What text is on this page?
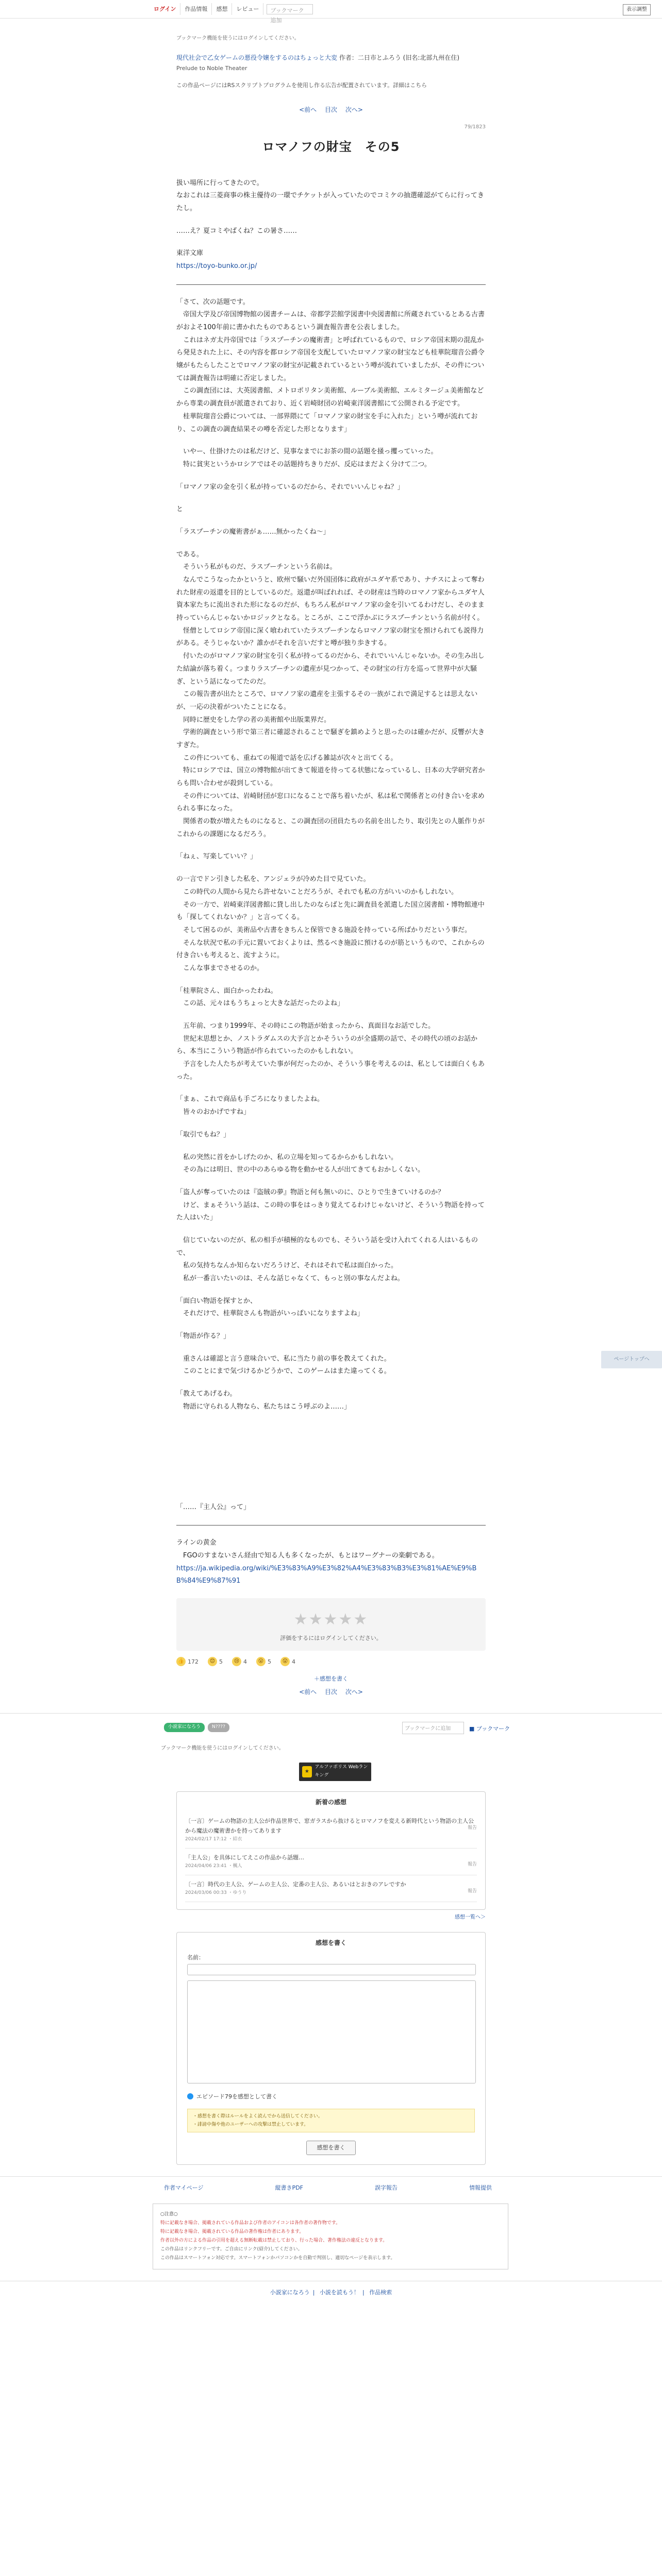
ログイン	作品情報	感想	レビュー	ブックマーク追加
表示調整
ブックマーク機能を使うにはログインしてください。
現代社会で乙女ゲームの悪役令嬢をするのはちょっと大変 作者：二日市とふろう (旧名:北部九州在住)
Prelude to Noble Theater
この作品ページにはRSスクリプトプログラムを使用し作る広告が配置されています。詳細はこちら
<前へ 目次 次へ>
79/1823
ロマノフの財宝　その5

扱い場所に行ってきたので。

なおこれは三菱商事の株主優待の一環でチケットが入っていたのでコミケの抽選確認がてらに行ってきたし。

……え？夏コミやばくね？この暑さ……

東洋文庫

https://toyo-bunko.or.jp/

「さて、次の話題です。

　帝国大学及び帝国博物館の図書チームは、帝都学芸館学図書中央図書館に所蔵されているとある古書がおよそ100年前に書かれたものであるという調査報告書を公表しました。

　これはネガ太丹帝国では「ラスプーチンの魔術書」と呼ばれているもので、ロシア帝国末期の混乱から発見された上に、その内容を都ロシア帝国を支配していたロマノフ家の財宝なども桂華院瑠音公爵令嬢がもたらしたことでロマノフ家の財宝が記載されているという噂が流れていましたが、その件については調査報告は明確に否定しました。

　この調査団には、大英図書館、メトロポリタン美術館、ルーブル美術館、エルミタージュ美術館などから専業の調査員が派遣されており、近く岩崎財団の岩崎東洋図書館にて公開される予定です。

　桂華院瑠音公爵については、一部界隈にて「ロマノフ家の財宝を手に入れた」という噂が流れており、この調査の調査結果その噂を否定した形となります」

　いやー、仕掛けたのは私だけど、見事なまでにお茶の間の話題を掻っ攫っていった。

　特に貧実というかロシアではその話題持ちきりだが、反応はまだよく分けて二つ。

「ロマノフ家の金を引く私が持っているのだから、それでいいんじゃね？」

と

「ラスプーチンの魔術書がぁ……無かったくね～」

である。

　そういう私がものだ、ラスプーチンという名前は。

　なんでこうなったかというと、欧州で騒いだ外国団体に政府がユダヤ系であり、ナチスによって奪われた財産の返還を目的としているのだ。返還が叫ばれれば、その財産は当時のロマノフ家からユダヤ人資本家たちに流出された形になるのだが、もちろん私がロマノフ家の金を引いてるわけだし、そのまま持っていらんじゃないかロジックとなる。ところが、ここで浮かぶにラスプーチンという名前が付く。

　怪僧としてロシア帝国に深く喰われていたラスプーチンならロマノフ家の財宝を預けられても説得力がある。そうじゃないか？誰かがそれを言いだすと噂が独り歩きする。

　付いたのがロマノフ家の財宝を引く私が持ってるのだから、それでいいんじゃないか。その生み出した結論が落ち着く。つまりラスプーチンの遺産が見つかって、その財宝の行方を巡って世界中が大騒ぎ、という話になってたのだ。

　この報告書が出たところで、ロマノフ家の遺産を主張するその一族がこれで満足するとは思えないが、一応の決着がついたことになる。

　同時に歴史をした学の者の美術館や出版業界だ。

　学術的調査という形で第三者に確認されることで騒ぎを鎮めようと思ったのは確かだが、反響が大きすぎた。

　この件についても、重ねての報道で話を広げる雑誌が次々と出てくる。

　特にロシアでは、国立の博物館が出てきて報道を待ってる状態になっているし、日本の大学研究者からも問い合わせが殺到している。

　その件については、岩崎財団が窓口になることで落ち着いたが、私は私で関係者との付き合いを求められる事になった。

　関係者の数が増えたものになると、この調査団の団員たちの名前を出したり、取引先との人脈作りがこれからの課題になるだろう。

「ねぇ、写楽していい？」

の一言でドン引きした私を、アンジェラが冷めた目で見ていた。

　この時代の人間から見たら許せないことだろうが、それでも私の方がいいのかもしれない。

　その一方で、岩崎東洋図書館に貸し出したのならばと先に調査員を派遣した国立図書館・博物館連中も「探してくれないか？」と言ってくる。

　そして困るのが、美術品や古書をきちんと保管できる施設を持っている所ばかりだという事だ。

　そんな状況で私の手元に置いておくよりは、然るべき施設に預けるのが筋というもので、これからの付き合いも考えると、流すように。

　こんな事までさせるのか。

「桂華院さん、面白かったわね。

　この話、元々はもうちょっと大きな話だったのよね」

　五年前、つまり1999年、その時にこの物語が始まったから、真面目なお話でした。

　世紀末思想とか、ノストラダムスの大予言とかそういうのが全盛期の話で、その時代の頃のお話から、本当にこういう物語が作られていったのかもしれない。

　予言をした人たちが考えていた事が何だったのか、そういう事を考えるのは、私としては面白くもあった。

「まぁ、これで商品も手ごろになりましたよね。

　皆々のおかげですね」

「取引でもね？」

　私の突然に首をかしげたのか、私の立場を知ってるからかもしれない。

　その為には明日、世の中のあらゆる物を動かせる人が出てきてもおかしくない。

「盗人が奪っていたのは『盗賊の夢』物語と何も無いのに、ひとりで生きていけるのか？

　けど、まぁそういう話は、この時の事をはっきり覚えてるわけじゃないけど、そういう物語を持ってた人はいた」

　信じていないのだが、私の相手が積極的なものでも、そういう話を受け入れてくれる人はいるもので、

　私の気持ちなんか知らないだろうけど、それはそれで私は面白かった。

　私が一番言いたいのは、そんな話じゃなくて、もっと別の事なんだよね。

「面白い物語を探すとか、

　それだけで、桂華院さんも物語がいっぱいになりますよね」

「物語が作る？」

　重さんは確認と言う意味合いで、私に当たり前の事を教えてくれた。

　このことにまで気づけるかどうかで、このゲームはまた違ってくる。

「教えてあげるわ。

　物語に守られる人物なら、私たちはこう呼ぶのよ……」

「……『主人公』って」

ラインの黄金

　FGOのすまないさん経由で知る人も多くなったが、もとはワーグナーの楽劇である。

https://ja.wikipedia.org/wiki/%E3%83%A9%E3%82%A4%E3%83%B3%E3%81%AE%E9%BB%84%E9%87%91
★★★★★
評価をするにはログインしてください。
👍 172	😊 5	😢 4	😮 5	😲 4
＋感想を書く
<前へ 目次 次へ>
小説家になろう	N????	ブックマークに追加	■ ブックマーク
ブックマーク機能を使うにはログインしてください。
★
アルファポリス Webランキング
新着の感想
〔一言〕ゲームの物語の主人公が作品世界で、窓ガラスから抜けるとロマノフを変える新時代という物語の主人公から魔法の魔術書かを持ってあります
2024/02/17 17:12 ・結衣
報告
「主人公」を具体にしてえこの作品から話題…
2024/04/06 23:41 ・楓人	報告
〔一言〕時代の主人公、ゲームの主人公、定番の主人公、あるいはとおきのアレですか
2024/03/06 00:33 ・ゆうり	報告
感想一覧へ＞
感想を書く
名前：
エピソード79を感想として書く
・感想を書く際はルールをよく読んでから送信してください。
・誹謗中傷や他のユーザーへの攻撃は禁止しています。
感想を書く
作者マイページ	縦書きPDF	誤字報告	情報提供
○注意○
特に記載なき場合、掲載されている作品および作者のアイコンは各作者の著作物です。
特に記載なき場合、掲載されている作品の著作権は作者にあります。
作者以外の方による作品の引用を超える無断転載は禁止しており、行った場合、著作権法の違反となります。
この作品はリンクフリーです。ご自由にリンク(紹介)してください。
この作品はスマートフォン対応です。スマートフォンかパソコンかを自動で判別し、適切なページを表示します。
小説家になろう | 小説を読もう！ | 作品検索
ページトップへ
